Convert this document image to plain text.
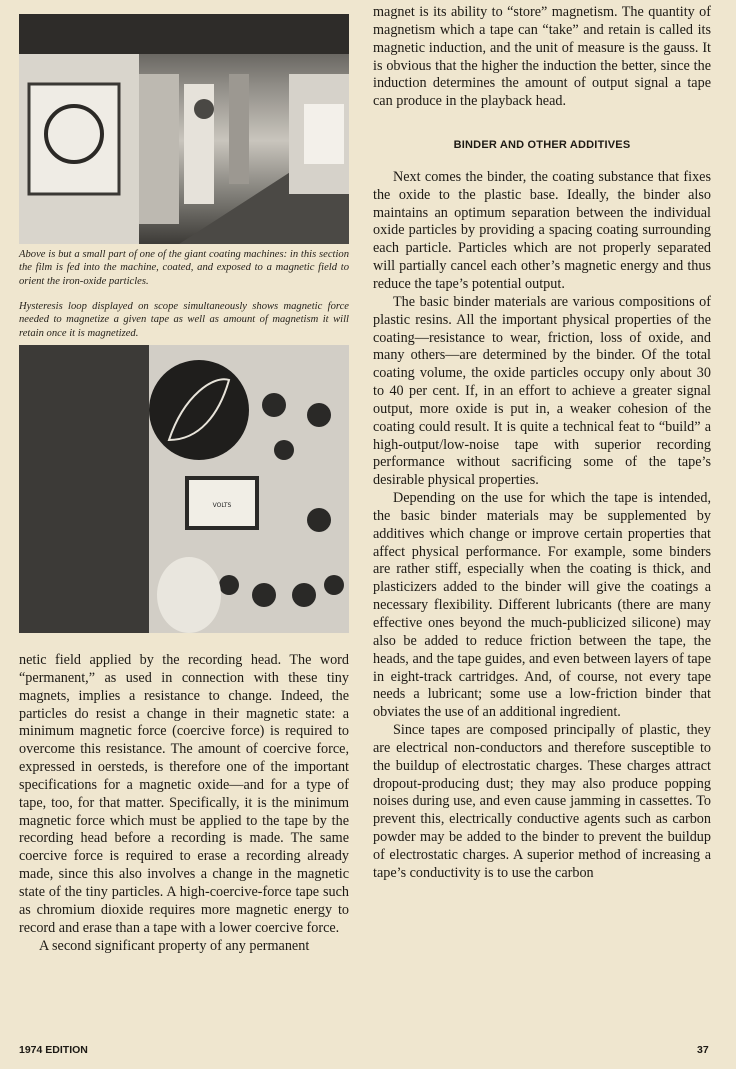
Above is but a small part of one of the giant coating machines: in this section the film is fed into the machine, coated, and exposed to a magnetic field to orient the iron-oxide particles.
Hysteresis loop displayed on scope simultaneously shows magnetic force needed to magnetize a given tape as well as amount of magnetism it will retain once it is magnetized.
VOLTS

netic field applied by the recording head. The word “permanent,” as used in connection with these tiny magnets, implies a resistance to change. Indeed, the particles do resist a change in their magnetic state: a minimum magnetic force (coercive force) is required to overcome this resistance. The amount of coercive force, expressed in oersteds, is therefore one of the important specifications for a magnetic oxide—and for a type of tape, too, for that matter. Specifically, it is the minimum magnetic force which must be applied to the tape by the recording head before a recording is made. The same coercive force is required to erase a recording already made, since this also involves a change in the magnetic state of the tiny particles. A high-coercive-force tape such as chromium dioxide requires more magnetic energy to record and erase than a tape with a lower coercive force.

A second significant property of any permanent

magnet is its ability to “store” magnetism. The quantity of magnetism which a tape can “take” and retain is called its magnetic induction, and the unit of measure is the gauss. It is obvious that the higher the induction the better, since the induction determines the amount of output signal a tape can produce in the playback head.

BINDER AND OTHER ADDITIVES

Next comes the binder, the coating substance that fixes the oxide to the plastic base. Ideally, the binder also maintains an optimum separation between the individual oxide particles by providing a spacing coating surrounding each particle. Particles which are not properly separated will partially cancel each other’s magnetic energy and thus reduce the tape’s potential output.

The basic binder materials are various compositions of plastic resins. All the important physical properties of the coating—resistance to wear, friction, loss of oxide, and many others—are determined by the binder. Of the total coating volume, the oxide particles occupy only about 30 to 40 per cent. If, in an effort to achieve a greater signal output, more oxide is put in, a weaker cohesion of the coating could result. It is quite a technical feat to “build” a high-output/low-noise tape with superior recording performance without sacrificing some of the tape’s desirable physical properties.

Depending on the use for which the tape is intended, the basic binder materials may be supplemented by additives which change or improve certain properties that affect physical performance. For example, some binders are rather stiff, especially when the coating is thick, and plasticizers added to the binder will give the coatings a necessary flexibility. Different lubricants (there are many effective ones beyond the much-publicized silicone) may also be added to reduce friction between the tape, the heads, and the tape guides, and even between layers of tape in eight-track cartridges. And, of course, not every tape needs a lubricant; some use a low-friction binder that obviates the use of an additional ingredient.

Since tapes are composed principally of plastic, they are electrical non-conductors and therefore susceptible to the buildup of electrostatic charges. These charges attract dropout-producing dust; they may also produce popping noises during use, and even cause jamming in cassettes. To prevent this, electrically conductive agents such as carbon powder may be added to the binder to prevent the buildup of electrostatic charges. A superior method of increasing a tape’s conductivity is to use the carbon

1974 EDITION	37
